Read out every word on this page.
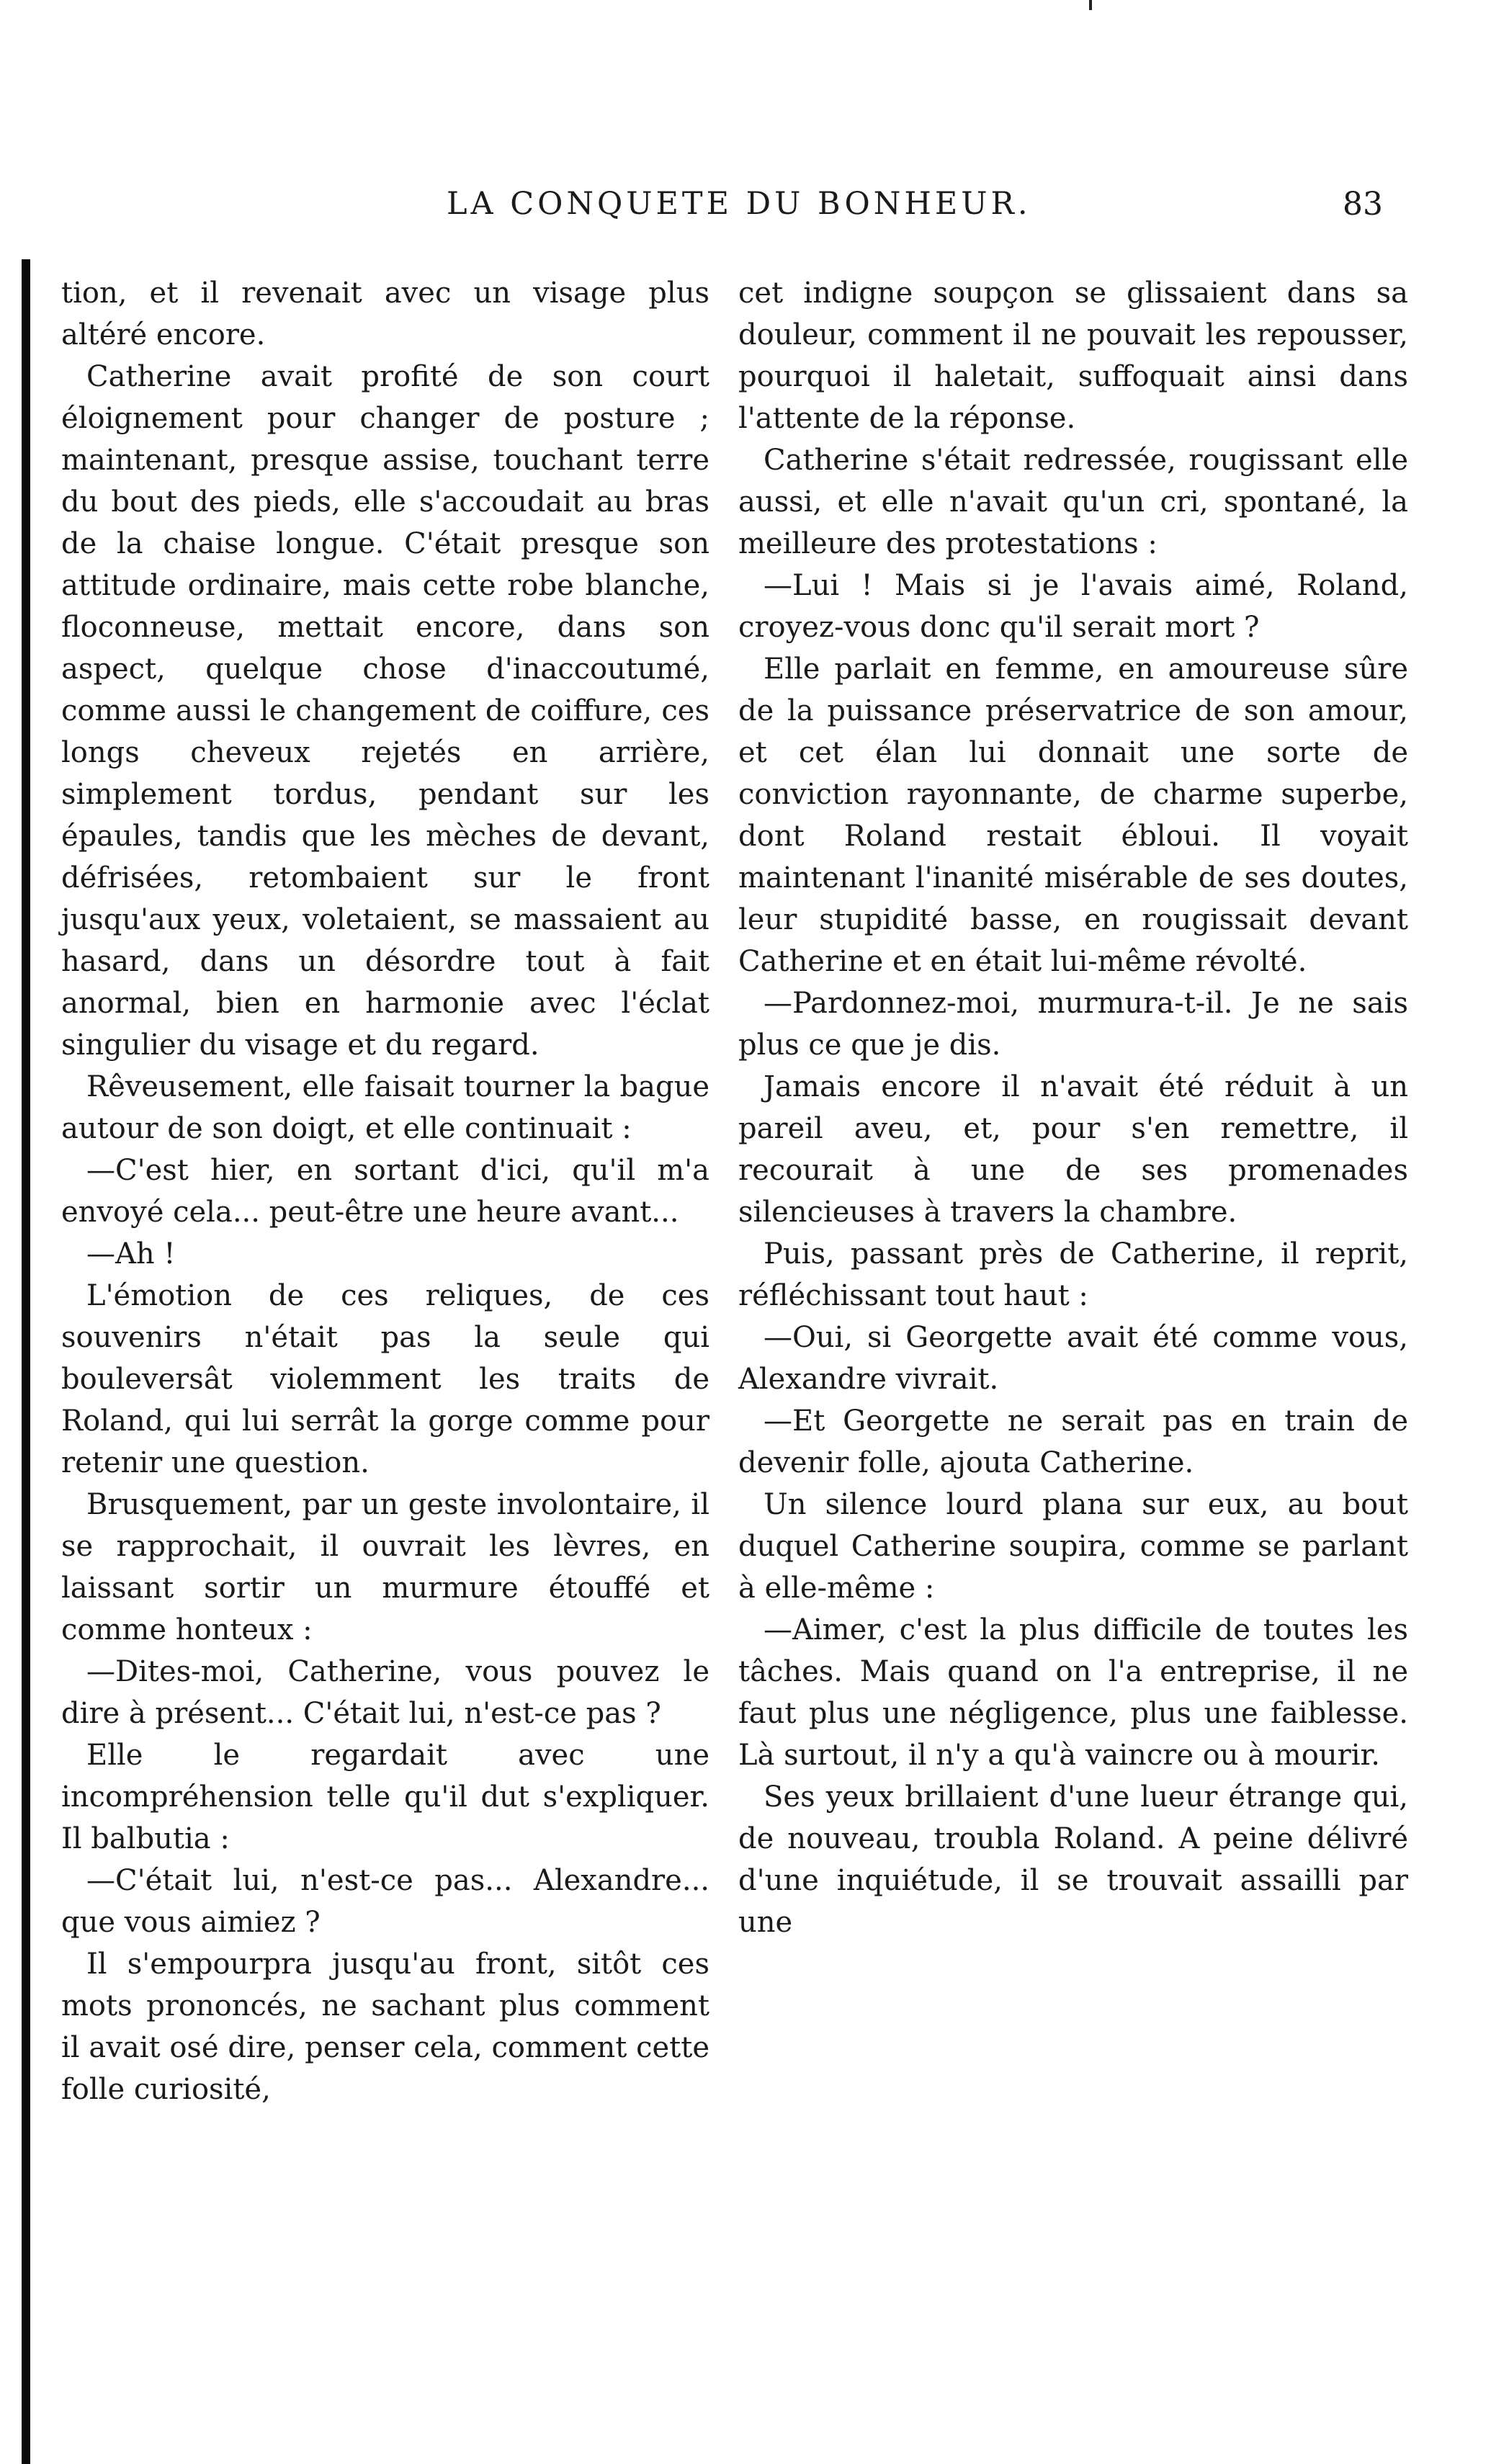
LA CONQUETE DU BONHEUR.	83

tion, et il revenait avec un visage plus altéré encore.

Catherine avait profité de son court éloignement pour changer de posture ; maintenant, presque assise, touchant terre du bout des pieds, elle s'accoudait au bras de la chaise longue. C'était presque son attitude ordinaire, mais cette robe blanche, floconneuse, mettait encore, dans son aspect, quelque chose d'inaccoutumé, comme aussi le changement de coiffure, ces longs cheveux rejetés en arrière, simplement tordus, pendant sur les épaules, tandis que les mèches de devant, défrisées, retombaient sur le front jusqu'aux yeux, voletaient, se massaient au hasard, dans un désordre tout à fait anormal, bien en harmonie avec l'éclat singulier du visage et du regard.

Rêveusement, elle faisait tourner la bague autour de son doigt, et elle continuait :

—C'est hier, en sortant d'ici, qu'il m'a envoyé cela... peut-être une heure avant...

—Ah !

L'émotion de ces reliques, de ces souvenirs n'était pas la seule qui bouleversât violemment les traits de Roland, qui lui serrât la gorge comme pour retenir une question.

Brusquement, par un geste involontaire, il se rapprochait, il ouvrait les lèvres, en laissant sortir un murmure étouffé et comme honteux :

—Dites-moi, Catherine, vous pouvez le dire à présent... C'était lui, n'est-ce pas ?

Elle le regardait avec une incompréhension telle qu'il dut s'expliquer. Il balbutia :

—C'était lui, n'est-ce pas... Alexandre... que vous aimiez ?

Il s'empourpra jusqu'au front, sitôt ces mots prononcés, ne sachant plus comment il avait osé dire, penser cela, comment cette folle curiosité,

cet indigne soupçon se glissaient dans sa douleur, comment il ne pouvait les repousser, pourquoi il haletait, suffoquait ainsi dans l'attente de la réponse.

Catherine s'était redressée, rougissant elle aussi, et elle n'avait qu'un cri, spontané, la meilleure des protestations :

—Lui ! Mais si je l'avais aimé, Roland, croyez-vous donc qu'il serait mort ?

Elle parlait en femme, en amoureuse sûre de la puissance préservatrice de son amour, et cet élan lui donnait une sorte de conviction rayonnante, de charme superbe, dont Roland restait ébloui. Il voyait maintenant l'inanité misérable de ses doutes, leur stupidité basse, en rougissait devant Catherine et en était lui-même révolté.

—Pardonnez-moi, murmura-t-il. Je ne sais plus ce que je dis.

Jamais encore il n'avait été réduit à un pareil aveu, et, pour s'en remettre, il recourait à une de ses promenades silencieuses à travers la chambre.

Puis, passant près de Catherine, il reprit, réfléchissant tout haut :

—Oui, si Georgette avait été comme vous, Alexandre vivrait.

—Et Georgette ne serait pas en train de devenir folle, ajouta Catherine.

Un silence lourd plana sur eux, au bout duquel Catherine soupira, comme se parlant à elle-même :

—Aimer, c'est la plus difficile de toutes les tâches. Mais quand on l'a entreprise, il ne faut plus une négligence, plus une faiblesse. Là surtout, il n'y a qu'à vaincre ou à mourir.

Ses yeux brillaient d'une lueur étrange qui, de nouveau, troubla Roland. A peine délivré d'une inquiétude, il se trouvait assailli par une
